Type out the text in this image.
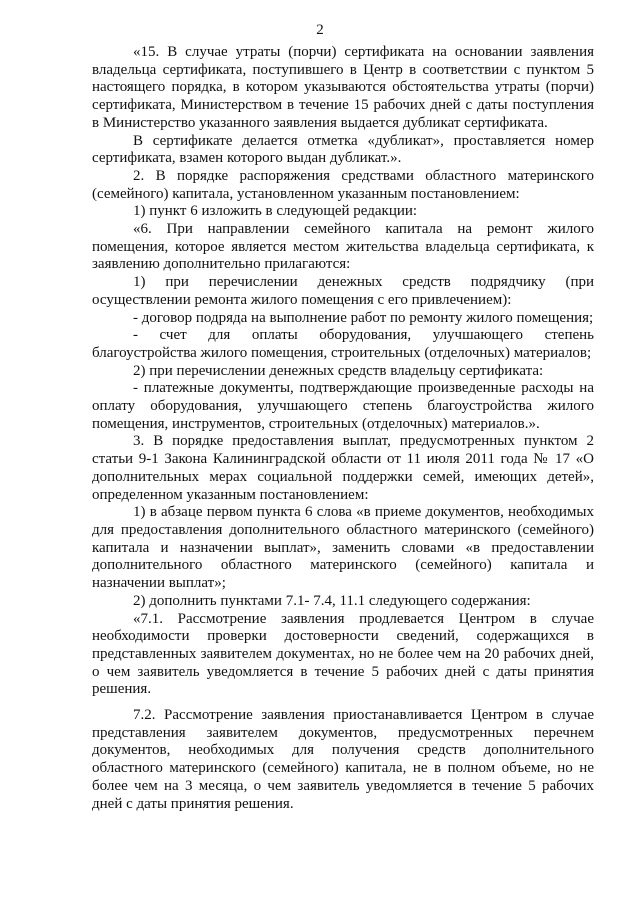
2

«15. В случае утраты (порчи) сертификата на основании заявления владельца сертификата, поступившего в Центр в соответствии с пунктом 5 настоящего порядка, в котором указываются обстоятельства утраты (порчи) сертификата, Министерством в течение 15 рабочих дней с даты поступления в Министерство указанного заявления выдается дубликат сертификата.

В сертификате делается отметка «дубликат», проставляется номер сертификата, взамен которого выдан дубликат.».

2. В порядке распоряжения средствами областного материнского (семейного) капитала, установленном указанным постановлением:

1) пункт 6 изложить в следующей редакции:

«6. При направлении семейного капитала на ремонт жилого помещения, которое является местом жительства владельца сертификата, к заявлению дополнительно прилагаются:

1) при перечислении денежных средств подрядчику (при осуществлении ремонта жилого помещения с его привлечением):

- договор подряда на выполнение работ по ремонту жилого помещения;

- счет для оплаты оборудования, улучшающего степень благоустройства жилого помещения, строительных (отделочных) материалов;

2) при перечислении денежных средств владельцу сертификата:

- платежные документы, подтверждающие произведенные расходы на оплату оборудования, улучшающего степень благоустройства жилого помещения, инструментов, строительных (отделочных) материалов.».

3. В порядке предоставления выплат, предусмотренных пунктом 2 статьи 9-1 Закона Калининградской области от 11 июля 2011 года № 17 «О дополнительных мерах социальной поддержки семей, имеющих детей», определенном указанным постановлением:

1) в абзаце первом пункта 6 слова «в приеме документов, необходимых для предоставления дополнительного областного материнского (семейного) капитала и назначении выплат», заменить словами «в предоставлении дополнительного областного материнского (семейного) капитала и назначении выплат»;

2) дополнить пунктами 7.1- 7.4, 11.1 следующего содержания:

«7.1. Рассмотрение заявления продлевается Центром в случае необходимости проверки достоверности сведений, содержащихся в представленных заявителем документах, но не более чем на 20 рабочих дней, о чем заявитель уведомляется в течение 5 рабочих дней с даты принятия решения.

7.2. Рассмотрение заявления приостанавливается Центром в случае представления заявителем документов, предусмотренных перечнем документов, необходимых для получения средств дополнительного областного материнского (семейного) капитала, не в полном объеме, но не более чем на 3 месяца, о чем заявитель уведомляется в течение 5 рабочих дней с даты принятия решения.
